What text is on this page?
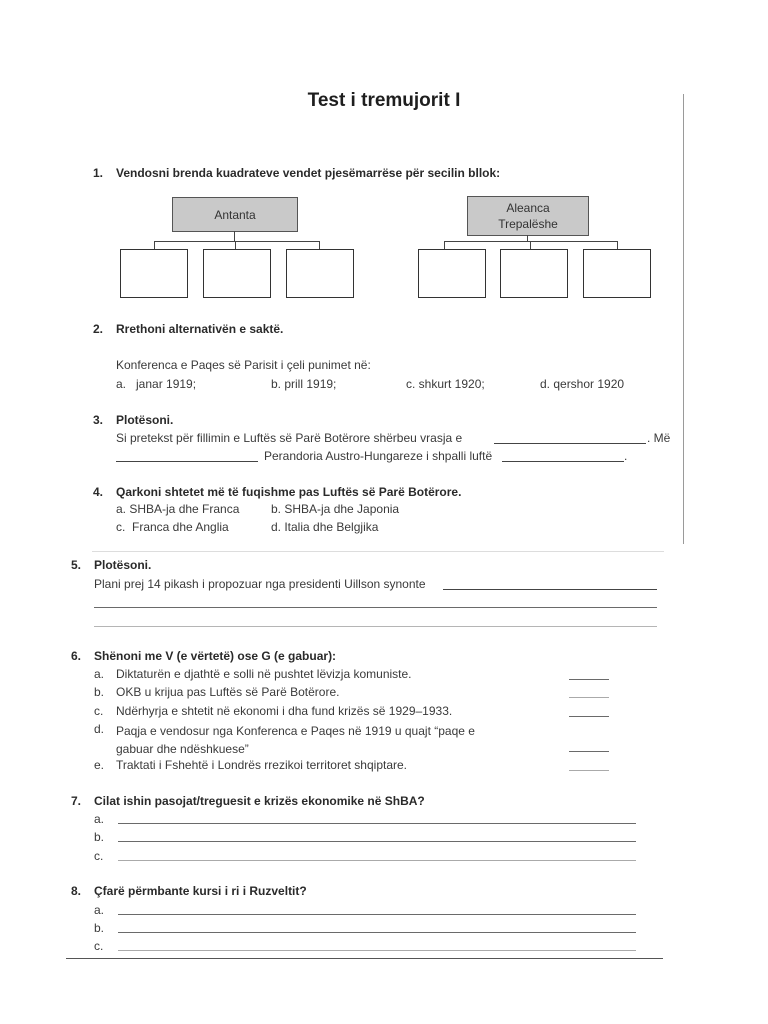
Test i tremujorit I
1. Vendosni brenda kuadrateve vendet pjesëmarrëse për secilin bllok:
Antanta	Aleanca
Trepalëshe
2. Rrethoni alternativën e saktë.
Konferenca e Paqes së Parisit i çeli punimet në:
a.   janar 1919;	b. prill 1919;	c. shkurt 1920;	d. qershor 1920
3. Plotësoni.
Si pretekst për fillimin e Luftës së Parë Botërore shërbeu vrasja e	. Më
Perandoria Austro-Hungareze i shpalli luftë	.
4. Qarkoni shtetet më të fuqishme pas Luftës së Parë Botërore.
a. SHBA-ja dhe Franca	b. SHBA-ja dhe Japonia
c.  Franca dhe Anglia	d. Italia dhe Belgjika
5. Plotësoni.
Plani prej 14 pikash i propozuar nga presidenti Uillson synonte
6. Shënoni me V (e vërtetë) ose G (e gabuar):
a. Diktaturën e djathtë e solli në pushtet lëvizja komuniste.
b. OKB u krijua pas Luftës së Parë Botërore.
c. Ndërhyrja e shtetit në ekonomi i dha fund krizës së 1929–1933.
d. Paqja e vendosur nga Konferenca e Paqes në 1919 u quajt “paqe e
gabuar dhe ndëshkuese”
e. Traktati i Fshehtë i Londrës rrezikoi territoret shqiptare.
7. Cilat ishin pasojat/treguesit e krizës ekonomike në ShBA?
a.
b.
c.
8. Çfarë përmbante kursi i ri i Ruzveltit?
a.
b.
c.
